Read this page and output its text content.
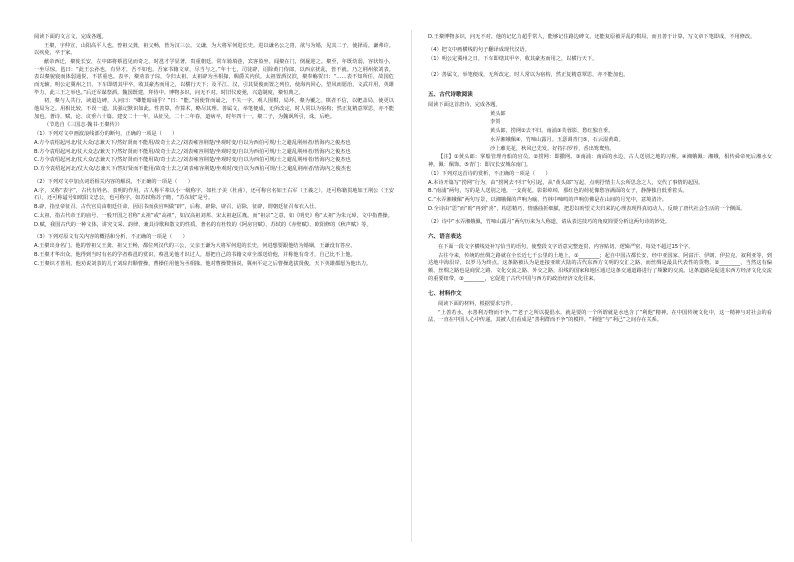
阅读下面的文言文，完成各题。

王粲，字仲宣，山阳高平人也。曾祖父龚，祖父畅，皆为汉三公。父谦，为大将军何进长史。进以谦名公之胄，欲与为婚，见其二子，使择焉。谦弗许。以疾免，卒于家。

献帝西迁，粲徙长安，左中郎将蔡邕见而奇之。时邕才学显著，贵重朝廷，常车骑填巷，宾客盈坐。闻粲在门，倒屣迎之。粲至，年既幼弱，容状短小，一坐尽惊。邕曰：“此王公孙也，有异才，吾不如也。吾家书籍文章，尽当与之。”年十七，司徒辟，诏除黄门侍郎，以西京扰乱，皆不就。乃之荆州依刘表。表以粲貌寝而体弱通侻，不甚重也。表卒，粲劝表子琮，令归太祖。太祖辟为丞相掾，赐爵关内侯。太祖置酒汉滨，粲奉觞贺曰：“……表不知所任，故国危而无辅。明公定冀州之日，下车即缮其甲卒，收其豪杰而用之，以横行天下；及平江、汉，引其贤俊而置之列位，使海内回心，望风而愿治，文武并用，英雄毕力，此三王之举也。”后迁军谋祭酒。魏国既建，拜侍中。博物多识，问无不对。时旧仪废弛，兴造制度，粲恒典之。

初，粲与人共行，读道边碑，人问曰：“卿能暗诵乎？”曰：“能。”因使背而诵之，不失一字。观人围棋，局坏，粲为覆之。棋者不信，以帊盖局，使更以他局为之。用相比较，不误一道。其强记默识如此。性善算，作算术，略尽其理。善属文，举笔便成，无所改定，时人常以为宿构；然正复精意覃思，亦不能加也。著诗、赋、论、议垂六十篇。建安二十一年，从征吴。二十二年春，道病卒，时年四十一。粲二子，为魏讽所引，诛。后绝。

（节选自《三国志·魏书·王粲传》）

（1）下列对文中画波浪线部分的断句，正确的一项是（　　）

A.方今袁绍起河北/仗大众/志兼天下/然好贤而不能用/故奇士去之/刘表雍容荆楚/坐观时变/自以为西伯可规/士之避乱荆州者/皆海内之俊杰也

B.方今袁绍起河北/仗大众志/兼天下/然好贤而不能用/故奇士去之/刘表雍容荆楚/坐观时变/自以为西伯可规/士之避乱荆州者/皆海内之俊杰也

C.方今袁绍起河北/仗大众/志兼天下/然好贤而不能用故/奇士去之/刘表雍容荆楚/坐观时变/自以为西伯可规/士之避乱荆州者/皆海内之俊杰也

D.方今袁绍起河北/仗大众/志兼天下/然好贤而不能用/故奇士去之/刘表雍容荆楚/坐观时/变自以为西伯可规/士之避乱荆州者/皆海内之俊杰也

（2）下列对文中加点词语相关内容的解说，不正确的一项是（　　）

A.字，又称“表字”，古代有姓名、表明的作用。古人称平辈以小一级称字，如杜子美（杜甫），还可称官名如王右军（王羲之），还可称籍贯地如王荆公（王安石），还可称谥号如欧阳文忠公，也可称字，如苏轼称苏子瞻，“苏东坡”是号。

B.辟，指皇帝征召。古代官员由朝廷任命，因诏书而获官叫做“辟”，后称，辟除，辟召，诏除，征辟，谓朝廷征召布衣入仕。

C.太祖，指古代帝王的庙号，一般开国之君称“太祖”或“高祖”，如汉高祖刘邦、宋太祖赵匡胤。而“祖宗”之意，如《明史》称“太祖”为朱元璋，文中指曹操。

D.赋，我国古代的一种文体，讲究文采、韵律，兼具诗歌和散文的性质。著名的有杜牧的《阿房宫赋》、苏轼的《赤壁赋》、欧阳修的《秋声赋》等。

（3）下列对原文有关内容的概括和分析，不正确的一项是（　　）

A.王粲出身名门。他的曾祖父王龚、祖父王畅，都位列汉代的三公，父亲王谦为大将军何进的长史，何进想要跟他结为婚姻，王谦没有答应。

B.王粲才华出众。他得到当时有名的学者蔡邕的赏识，蔡邕见他才识过人，愿把自己的书籍文章全部送给他，并称他有奇才，自己比不上他。

C.王粲识才善用。他劝说刘表的儿子刘琮归顺曹操，曹操任用他为丞相掾。他对曹操赞扬说，冀州平定之后曹操选拔贤俊，天下英雄都愿为他出力。

D.王粲博物多识，问无不对。他的记忆力超乎常人，能够记住路边碑文，还能复原被弄乱的棋局，而且善于计算，写文章下笔即成，不用修改。

（4）把文中画横线的句子翻译成现代汉语。

（1）明公定冀州之日，下车即缮其甲卒，收其豪杰而用之，以横行天下。

（2）善属文，举笔便成，无所改定，时人常以为宿构，然正复精意覃思，亦不能加也。

五、古代诗歌阅读

阅读下面这首唐诗，完成各题。

黄头郎

李贺

黄头郎，捞网②去不归。南浦③芙蓉影，愁红独自垂。

水弄湘娥佩④，竹啼山露月。玉瑟调青门⑤，石云湿黄葛。

沙上蘼芜花，秋风已先发。好持扫罗荐，香出鸳鸯热。

【注】①黄头郎：掌船管理舟船的官员。②捞网：即撒网。③南浦：南面的水边，古人送别之地的习称。④湘娥佩：湘娥，相传舜帝死后湘水女神。佩：佩饰。⑤青门：即汉长安城东南门。

（1）下列对这首诗的赏析，不正确的一项是（　　）

A.本诗开篇写“捞网”行为，由“捞网去不归”句引起，从“黄头郎”写起，点明抒情主人公所思念之人，交代了事情的起因。

B.“南浦”两句，写的是人送别之地，一支荷花，影影绰绰，那红色的荷花像愁容满面的女子，静静独自低垂着头。

C.“水弄湘娥佩”两句写景，以湘娥佩的声响为喻，竹林中啼鸣的声响仿佛是在山间的月光中，意境清冷。

D.全诗由“思”而“盼”再到“喜”，构思精巧，情感曲折细腻，把思妇盼望丈夫归来的心理表现得真切动人，反映了唐代社会生活的一个侧面。

（2）诗中“水弄湘娥佩，竹啼山露月”两句历来为人称道，请从表达技巧的角度简要分析这两句诗的妙处。

六、语言表达

在下面一段文字横线处补写恰当的语句，使整段文字语意完整连贯，内容贴切，逻辑严密，每处不超过15个字。

古往今来，传统的丝绸之路就在全长近七千公里的土地上，①________；起自中国古都长安，经中亚国家、阿富汗、伊朗、伊拉克、叙利亚等，到达地中海沿岸，以罗马为终点。这条路被认为是连接亚欧大陆的古代东西方文明的交汇之路，而丝绸是最具代表性的货物。②________，当然这有偏颇，丝绸之路也是商贸之路、文化交流之路、外交之路，沿线的国家和地区通过这条交通道路进行了频繁的交流。这条道路是促进东西方经济文化交流的重要纽带，③________，它促进了古代中国与西方的政治经济文化往来。

七、材料作文

阅读下面的材料，根据要求写作。

“上善若水，水善利万物而不争。”“老子之所以提倡水，就是要的一个所谓就是水也含了“利他”精神。在中国传统文化中，这一精神与对社会的看法，一直在中国人心中传递。其被人们看成是“善利群而不争”的模样。“利他”与“利己”之间存在关系。
